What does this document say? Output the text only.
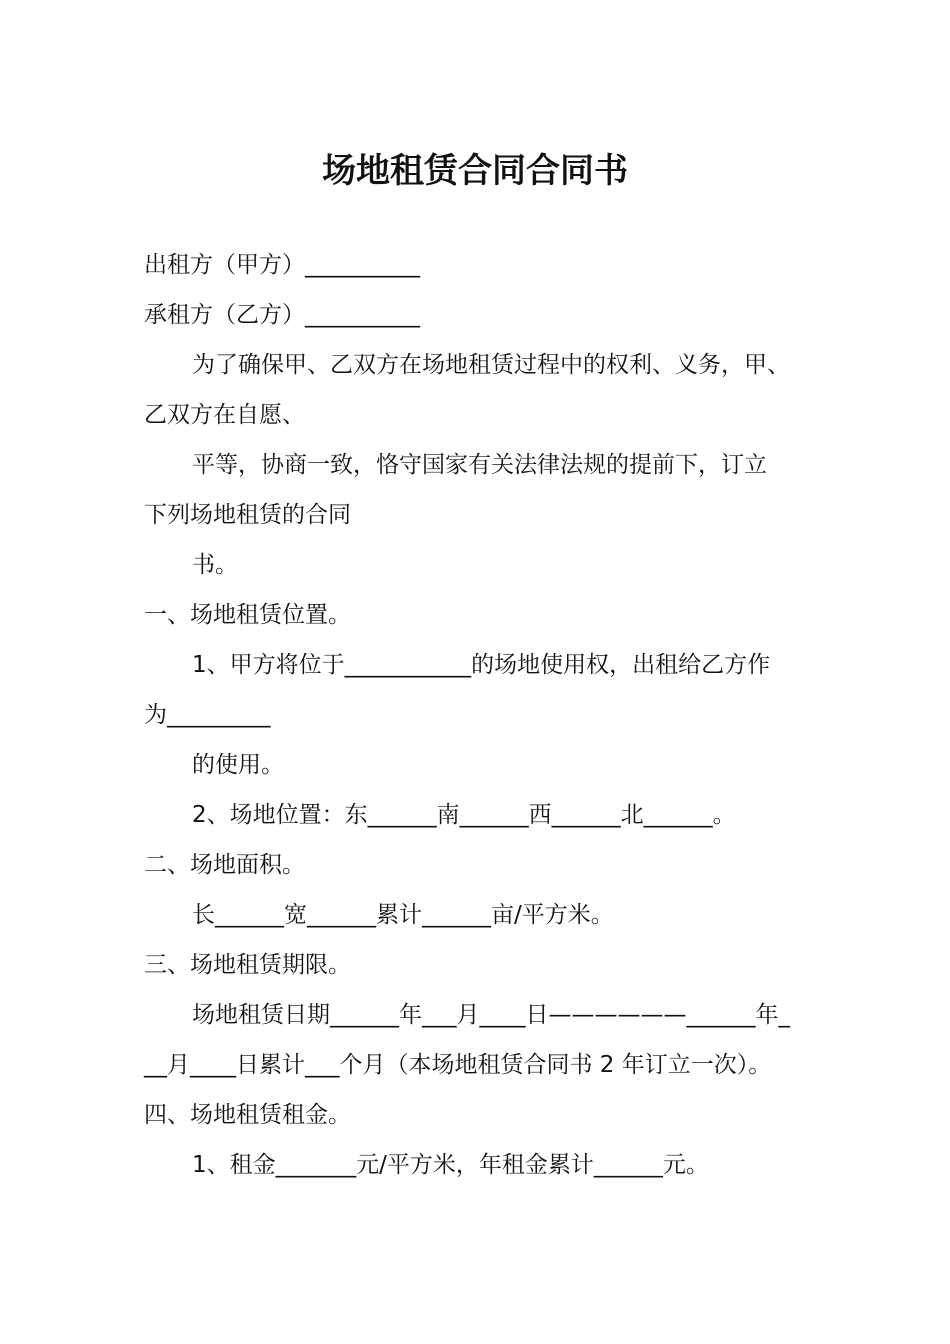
场地租赁合同合同书
出租方（甲方）__________
承租方（乙方）__________
为了确保甲、乙双方在场地租赁过程中的权利、义务，甲、
乙双方在自愿、
平等，协商一致，恪守国家有关法律法规的提前下，订立
下列场地租赁的合同
书。
一、场地租赁位置。
1、甲方将位于___________的场地使用权，出租给乙方作
为_________
的使用。
2、场地位置：东______南______西______北______。
二、场地面积。
长______宽______累计______亩/平方米。
三、场地租赁期限。
场地租赁日期______年___月____日——————______年_
__月____日累计___个月（本场地租赁合同书 2 年订立一次）。
四、场地租赁租金。
1、租金_______元/平方米，年租金累计______元。
